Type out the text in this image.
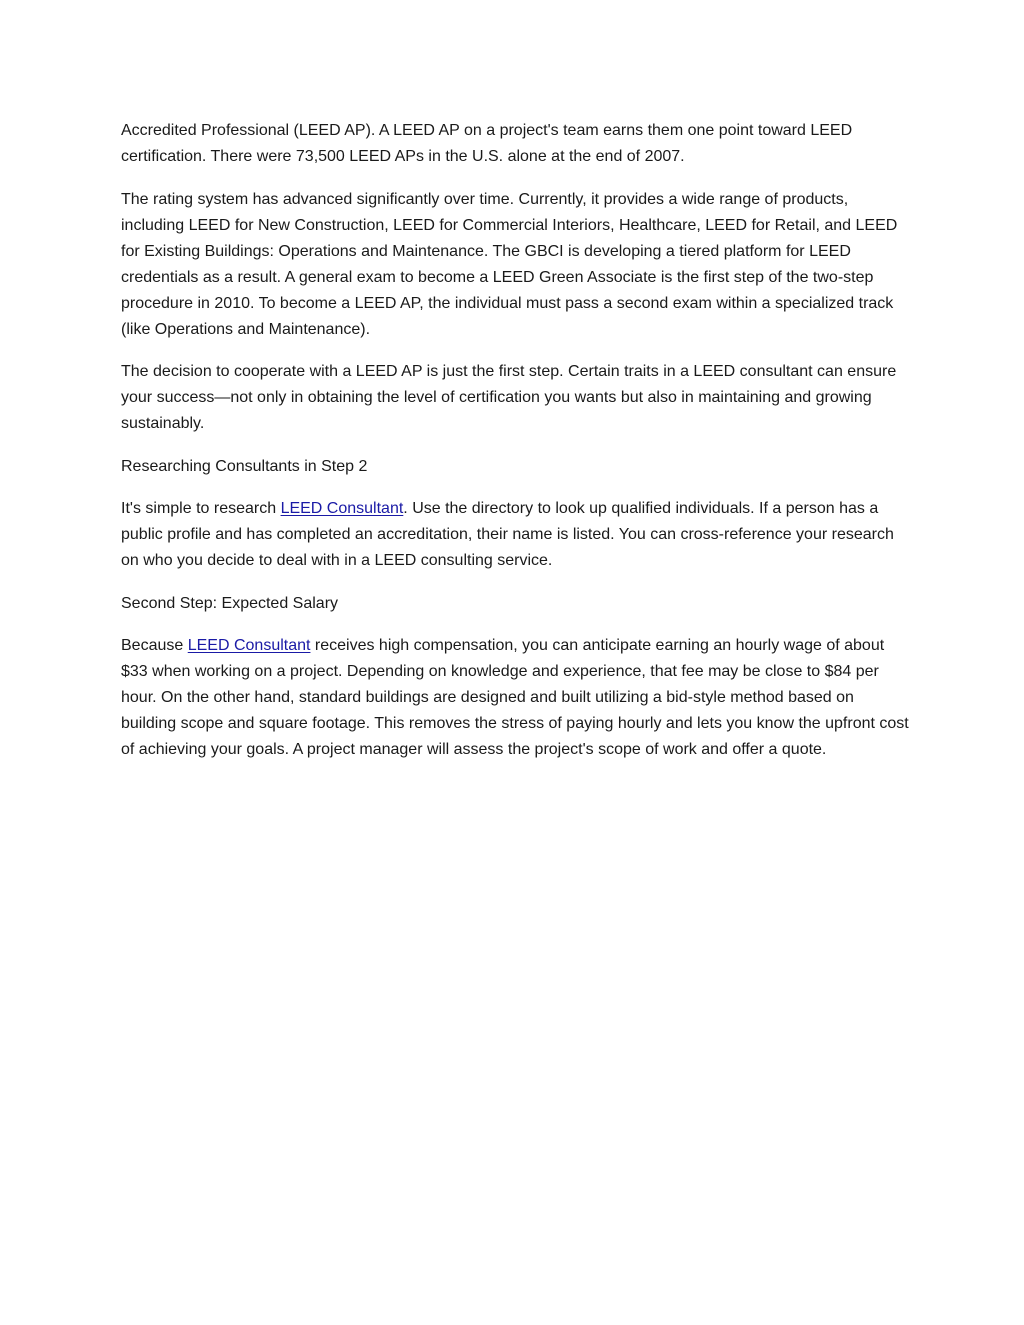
Accredited Professional (LEED AP). A LEED AP on a project's team earns them one point toward LEED certification. There were 73,500 LEED APs in the U.S. alone at the end of 2007.

The rating system has advanced significantly over time. Currently, it provides a wide range of products, including LEED for New Construction, LEED for Commercial Interiors, Healthcare, LEED for Retail, and LEED for Existing Buildings: Operations and Maintenance. The GBCI is developing a tiered platform for LEED credentials as a result. A general exam to become a LEED Green Associate is the first step of the two-step procedure in 2010. To become a LEED AP, the individual must pass a second exam within a specialized track (like Operations and Maintenance).

The decision to cooperate with a LEED AP is just the first step. Certain traits in a LEED consultant can ensure your success—not only in obtaining the level of certification you wants but also in maintaining and growing sustainably.

Researching Consultants in Step 2

It's simple to research LEED Consultant. Use the directory to look up qualified individuals. If a person has a public profile and has completed an accreditation, their name is listed. You can cross-reference your research on who you decide to deal with in a LEED consulting service.

Second Step: Expected Salary

Because LEED Consultant receives high compensation, you can anticipate earning an hourly wage of about $33 when working on a project. Depending on knowledge and experience, that fee may be close to $84 per hour. On the other hand, standard buildings are designed and built utilizing a bid-style method based on building scope and square footage. This removes the stress of paying hourly and lets you know the upfront cost of achieving your goals. A project manager will assess the project's scope of work and offer a quote.
